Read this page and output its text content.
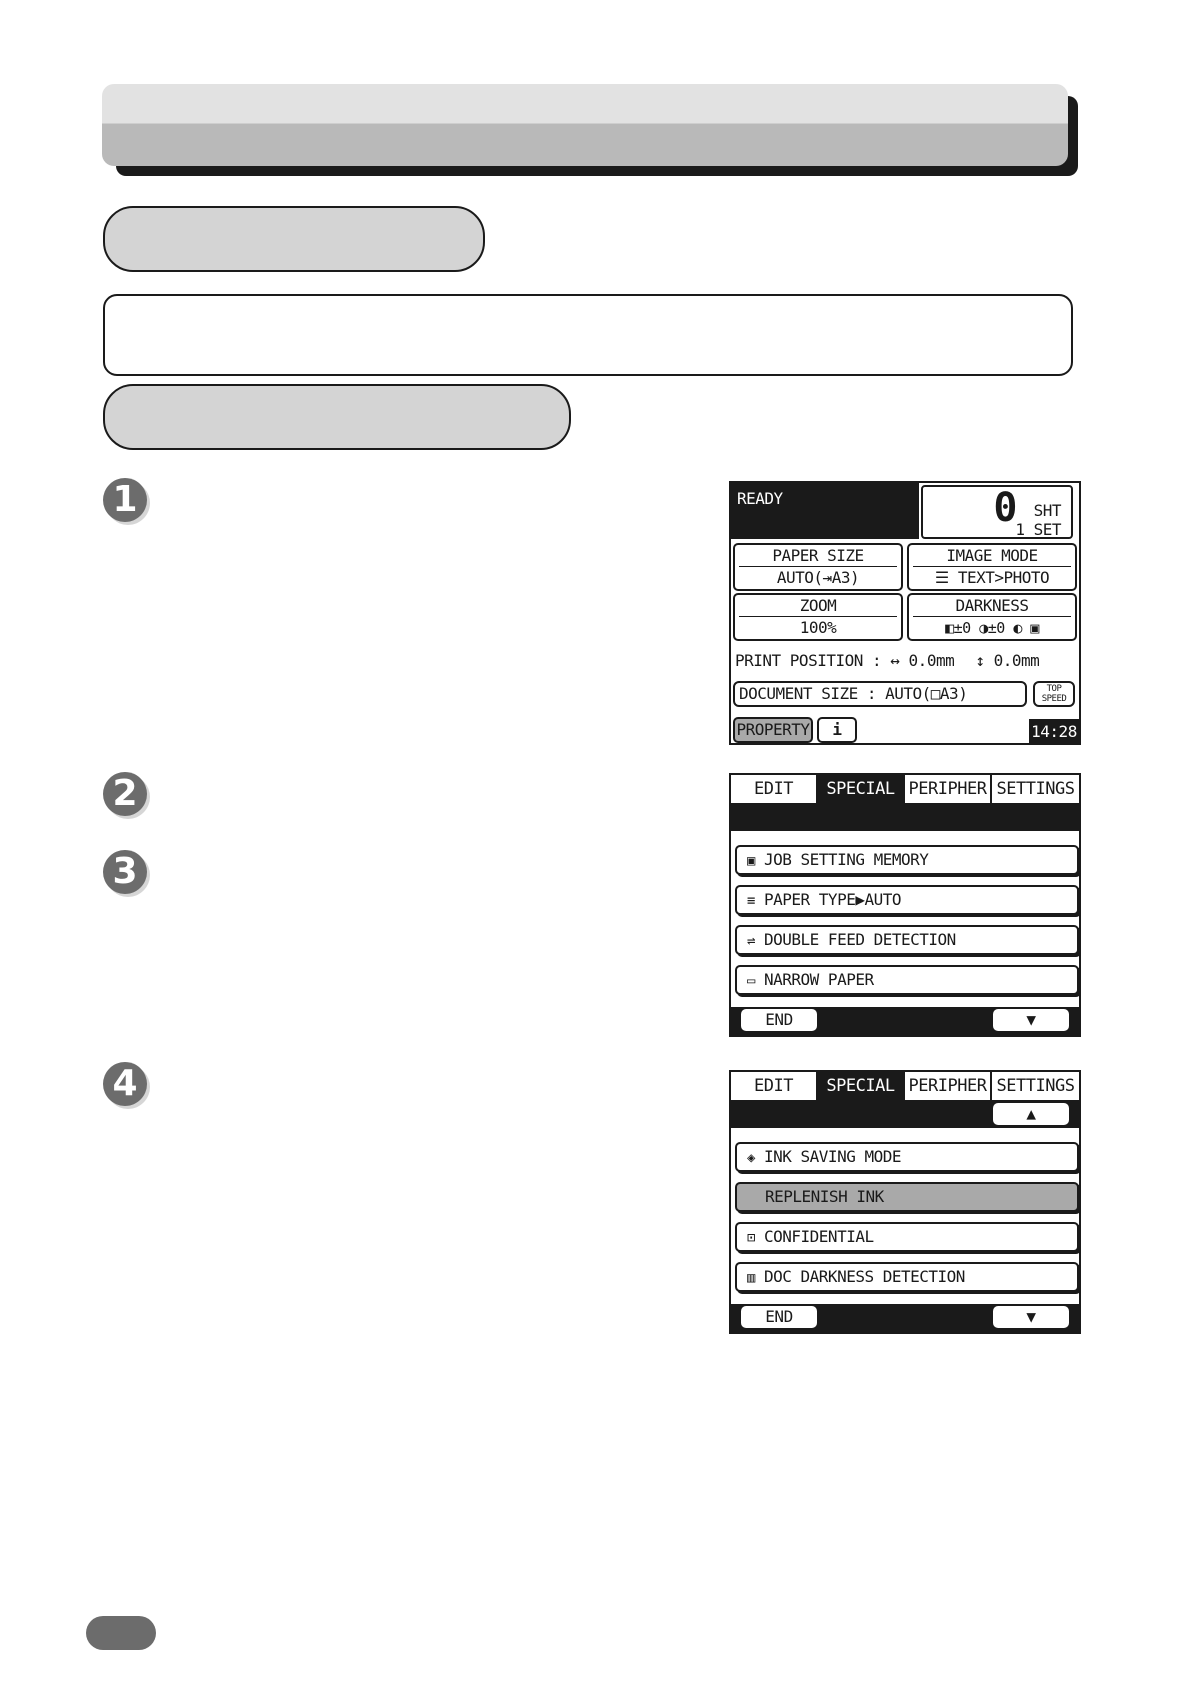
1
2
3
4
READY	0 SHT
1 SET
PAPER SIZE
AUTO(⇥A3)
IMAGE MODE
☰ TEXT>PHOTO
ZOOM
100%
DARKNESS
◧±0 ◑±0 ◐ ▣
PRINT POSITION : ↔ 0.0mm ↕ 0.0mm
DOCUMENT SIZE : AUTO(□A3)	TOP
SPEED
PROPERTY	i	14:28
EDIT	SPECIAL PERIPHER SETTINGS
▣ JOB SETTING MEMORY
≡ PAPER TYPE▶AUTO
⇌ DOUBLE FEED DETECTION
▭ NARROW PAPER
END	▼
EDIT	SPECIAL PERIPHER SETTINGS
▲
◈ INK SAVING MODE
REPLENISH INK
⊡ CONFIDENTIAL
▥ DOC DARKNESS DETECTION
END	▼
